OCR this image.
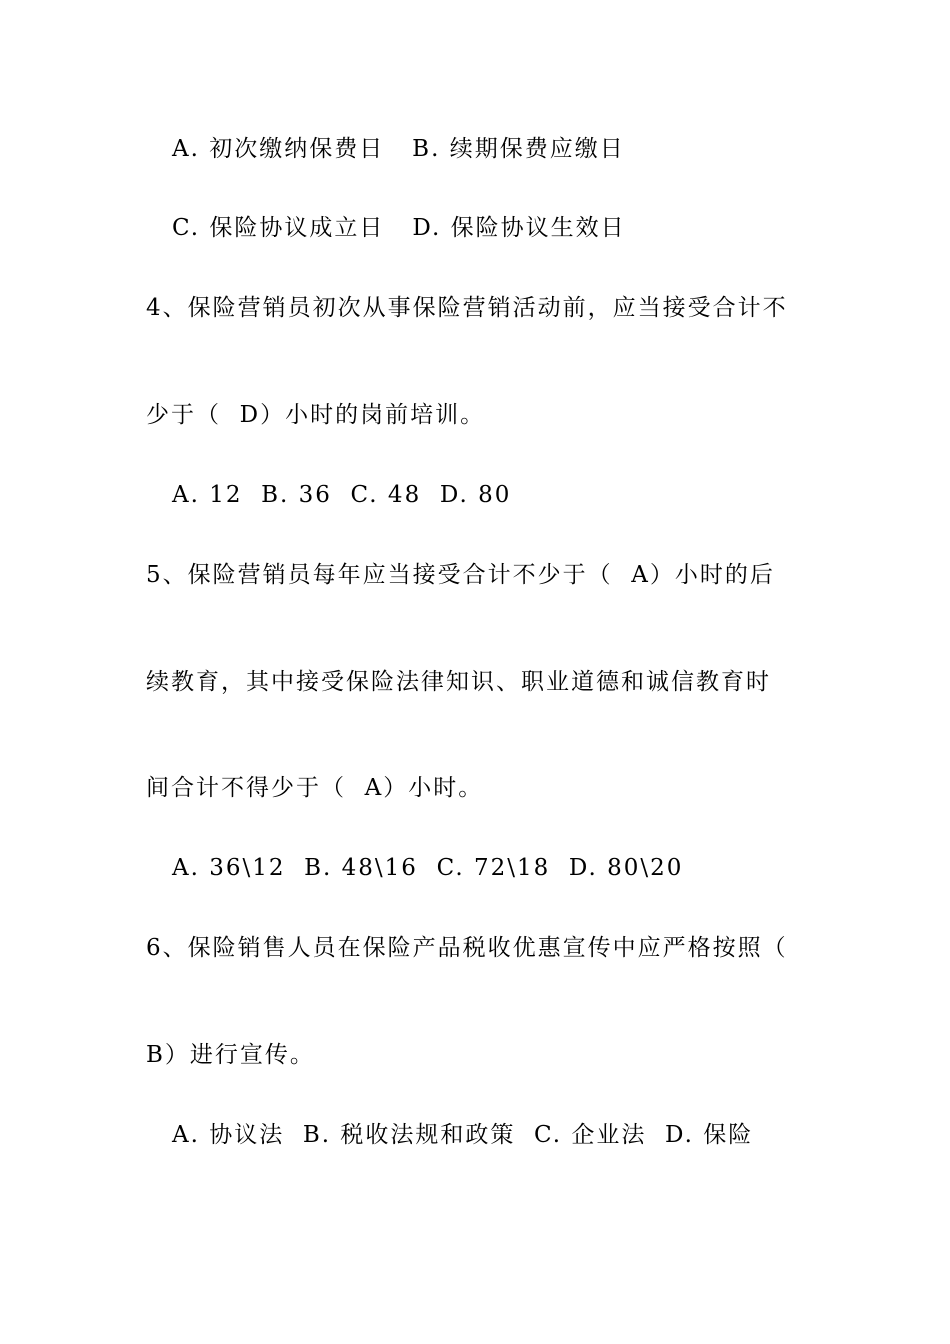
A. 初次缴纳保费日   B. 续期保费应缴日
C. 保险协议成立日   D. 保险协议生效日
4、保险营销员初次从事保险营销活动前，应当接受合计不
少于（  D）小时的岗前培训。
A. 12  B. 36  C. 48  D. 80
5、保险营销员每年应当接受合计不少于（  A）小时的后
续教育，其中接受保险法律知识、职业道德和诚信教育时
间合计不得少于（  A）小时。
A. 36\12  B. 48\16  C. 72\18  D. 80\20
6、保险销售人员在保险产品税收优惠宣传中应严格按照（
B）进行宣传。
A. 协议法  B. 税收法规和政策  C. 企业法  D. 保险
